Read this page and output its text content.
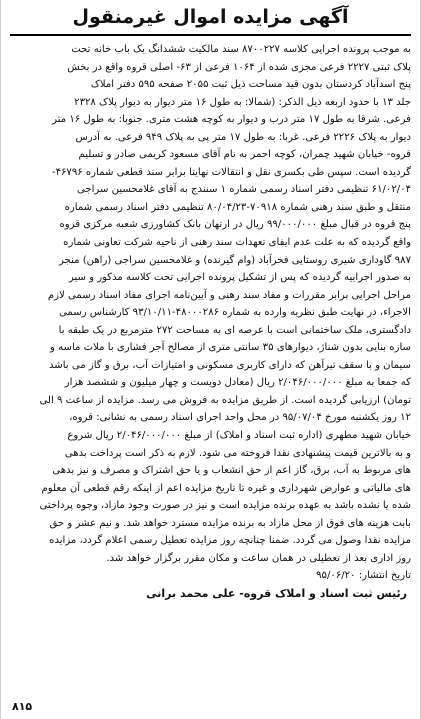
آگهی مزایده اموال غیرمنقول
به موجب پرونده اجرایی کلاسه ۸۷۰۰۲۲۷ سند مالکیت ششدانگ یک باب خانه تحت
پلاک ثبتی ۲۲۲۷ فرعی مجزی شده از ۱۰۶۴ فرعی از ۶۳- اصلی قروه واقع در بخش
پنج اسدآباد کردستان بدون قید مساحت ذیل ثبت ۲۰۵۵ صفحه ۵۹۵ دفتر املاک
جلد ۱۳ با حدود اربعه ذیل الذکر: (شمالا: به طول ۱۶ متر دیوار به دیوار پلاک ۲۳۲۸
فرعی. شرقا به طول ۱۷ متر درب و دیوار به کوچه هشت متری. جنوبا: به طول ۱۶ متر
دیوار به پلاک ۲۲۲۶ فرعی. غربا: به طول ۱۷ متر پی به پلاک ۹۴۹ فرعی. به آدرس
قروه- خیابان شهید چمران، کوچه احمر به نام آقای مسعود کریمی صادر و تسلیم
گردیده است. سپس طی بکسری نقل و انتقالات نهایتا برابر سند قطعی شماره ۴۶۷۹۶-
۶۱/۰۲/۰۴ تنظیمی دفتر اسناد رسمی شماره ۱ سنندج به آقای غلامحسین سراجی
منتقل و طبق سند رهنی شماره ۷۰۹۱۸-۸۰/۰۴/۲۳ تنظیمی دفتر اسناد رسمی شماره
پنج قروه در قبال مبلغ ۹۹/۰۰۰/۰۰۰ ریال در ارتهان بانک کشاورزی شعبه مرکزی قروه
واقع گردیده که به علت عدم ایفای تعهدات سند رهنی از ناحیه شرکت تعاونی شماره
۹۸۷ گاوداری شیری روستایی فخرآباد (وام گیرنده) و غلامحسین سراجی (راهن) منجر
به صدور اجراییه گردیده که پس از تشکیل پرونده اجرایی تحت کلاسه مذکور و سیر
مراحل اجرایی برابر مقررات و مفاد سند رهنی و آیین‌نامه اجرای مفاد اسناد رسمی لازم
الاجراء، در نهایت طبق نظریه وارده به شماره ۴۸۰۰۰۲۸۶-۹۳/۱۰/۱۱ کارشناس رسمی
دادگستری، ملک ساختمانی است با عرصه ای به مساحت ۲۷۲ مترمربع در یک طبقه با
سازه بنایی بدون شناژ، دیوارهای ۳۵ سانتی متری از مصالح آجر فشاری با ملات ماسه و
سیمان و با سقف تیرآهن که دارای کاربری مسکونی و امتیازات آب، برق و گاز می باشد
که جمعا به مبلغ ۲/۰۴۶/۰۰۰/۰۰۰ ریال (معادل دویست و چهار میلیون و ششصد هزار
تومان) ارزیابی گردیده است. از طریق مزایده به فروش می رسد. مزایده از ساعت ۹ الی
۱۲ روز یکشنبه مورخ ۹۵/۰۷/۰۴ در محل واحد اجرای اسناد رسمی به نشانی: قروه،
خیابان شهید مطهری (اداره ثبت اسناد و املاک) از مبلغ ۲/۰۴۶/۰۰۰/۰۰۰ ریال شروع
و به بالاترین قیمت پیشنهادی نقدا فروخته می شود. لازم به ذکر است پرداخت بدهی
های مربوط به آب، برق، گاز اعم از حق انشعاب و یا حق اشتراک و مصرف و نیز بدهی
های مالیاتی و عوارض شهرداری و غیره تا تاریخ مزایده اعم از اینکه رقم قطعی آن معلوم
شده یا نشده باشد به عهده برنده مزایده است و نیز در صورت وجود مازاد، وجوه پرداختی
بابت هزینه های فوق از محل مازاد به برنده مزایده مسترد خواهد شد. و نیم عشر و حق
مزایده نقدا وصول می گردد. ضمنا چنانچه روز مزایده تعطیل رسمی اعلام گردد، مزایده
روز اداری بعد از تعطیلی در همان ساعت و مکان مقرر برگزار خواهد شد.
تاریخ انتشار: ۹۵/۰۶/۲۰
رئیس ثبت اسناد و املاک قروه- علی محمد برانی
۸۱۵
